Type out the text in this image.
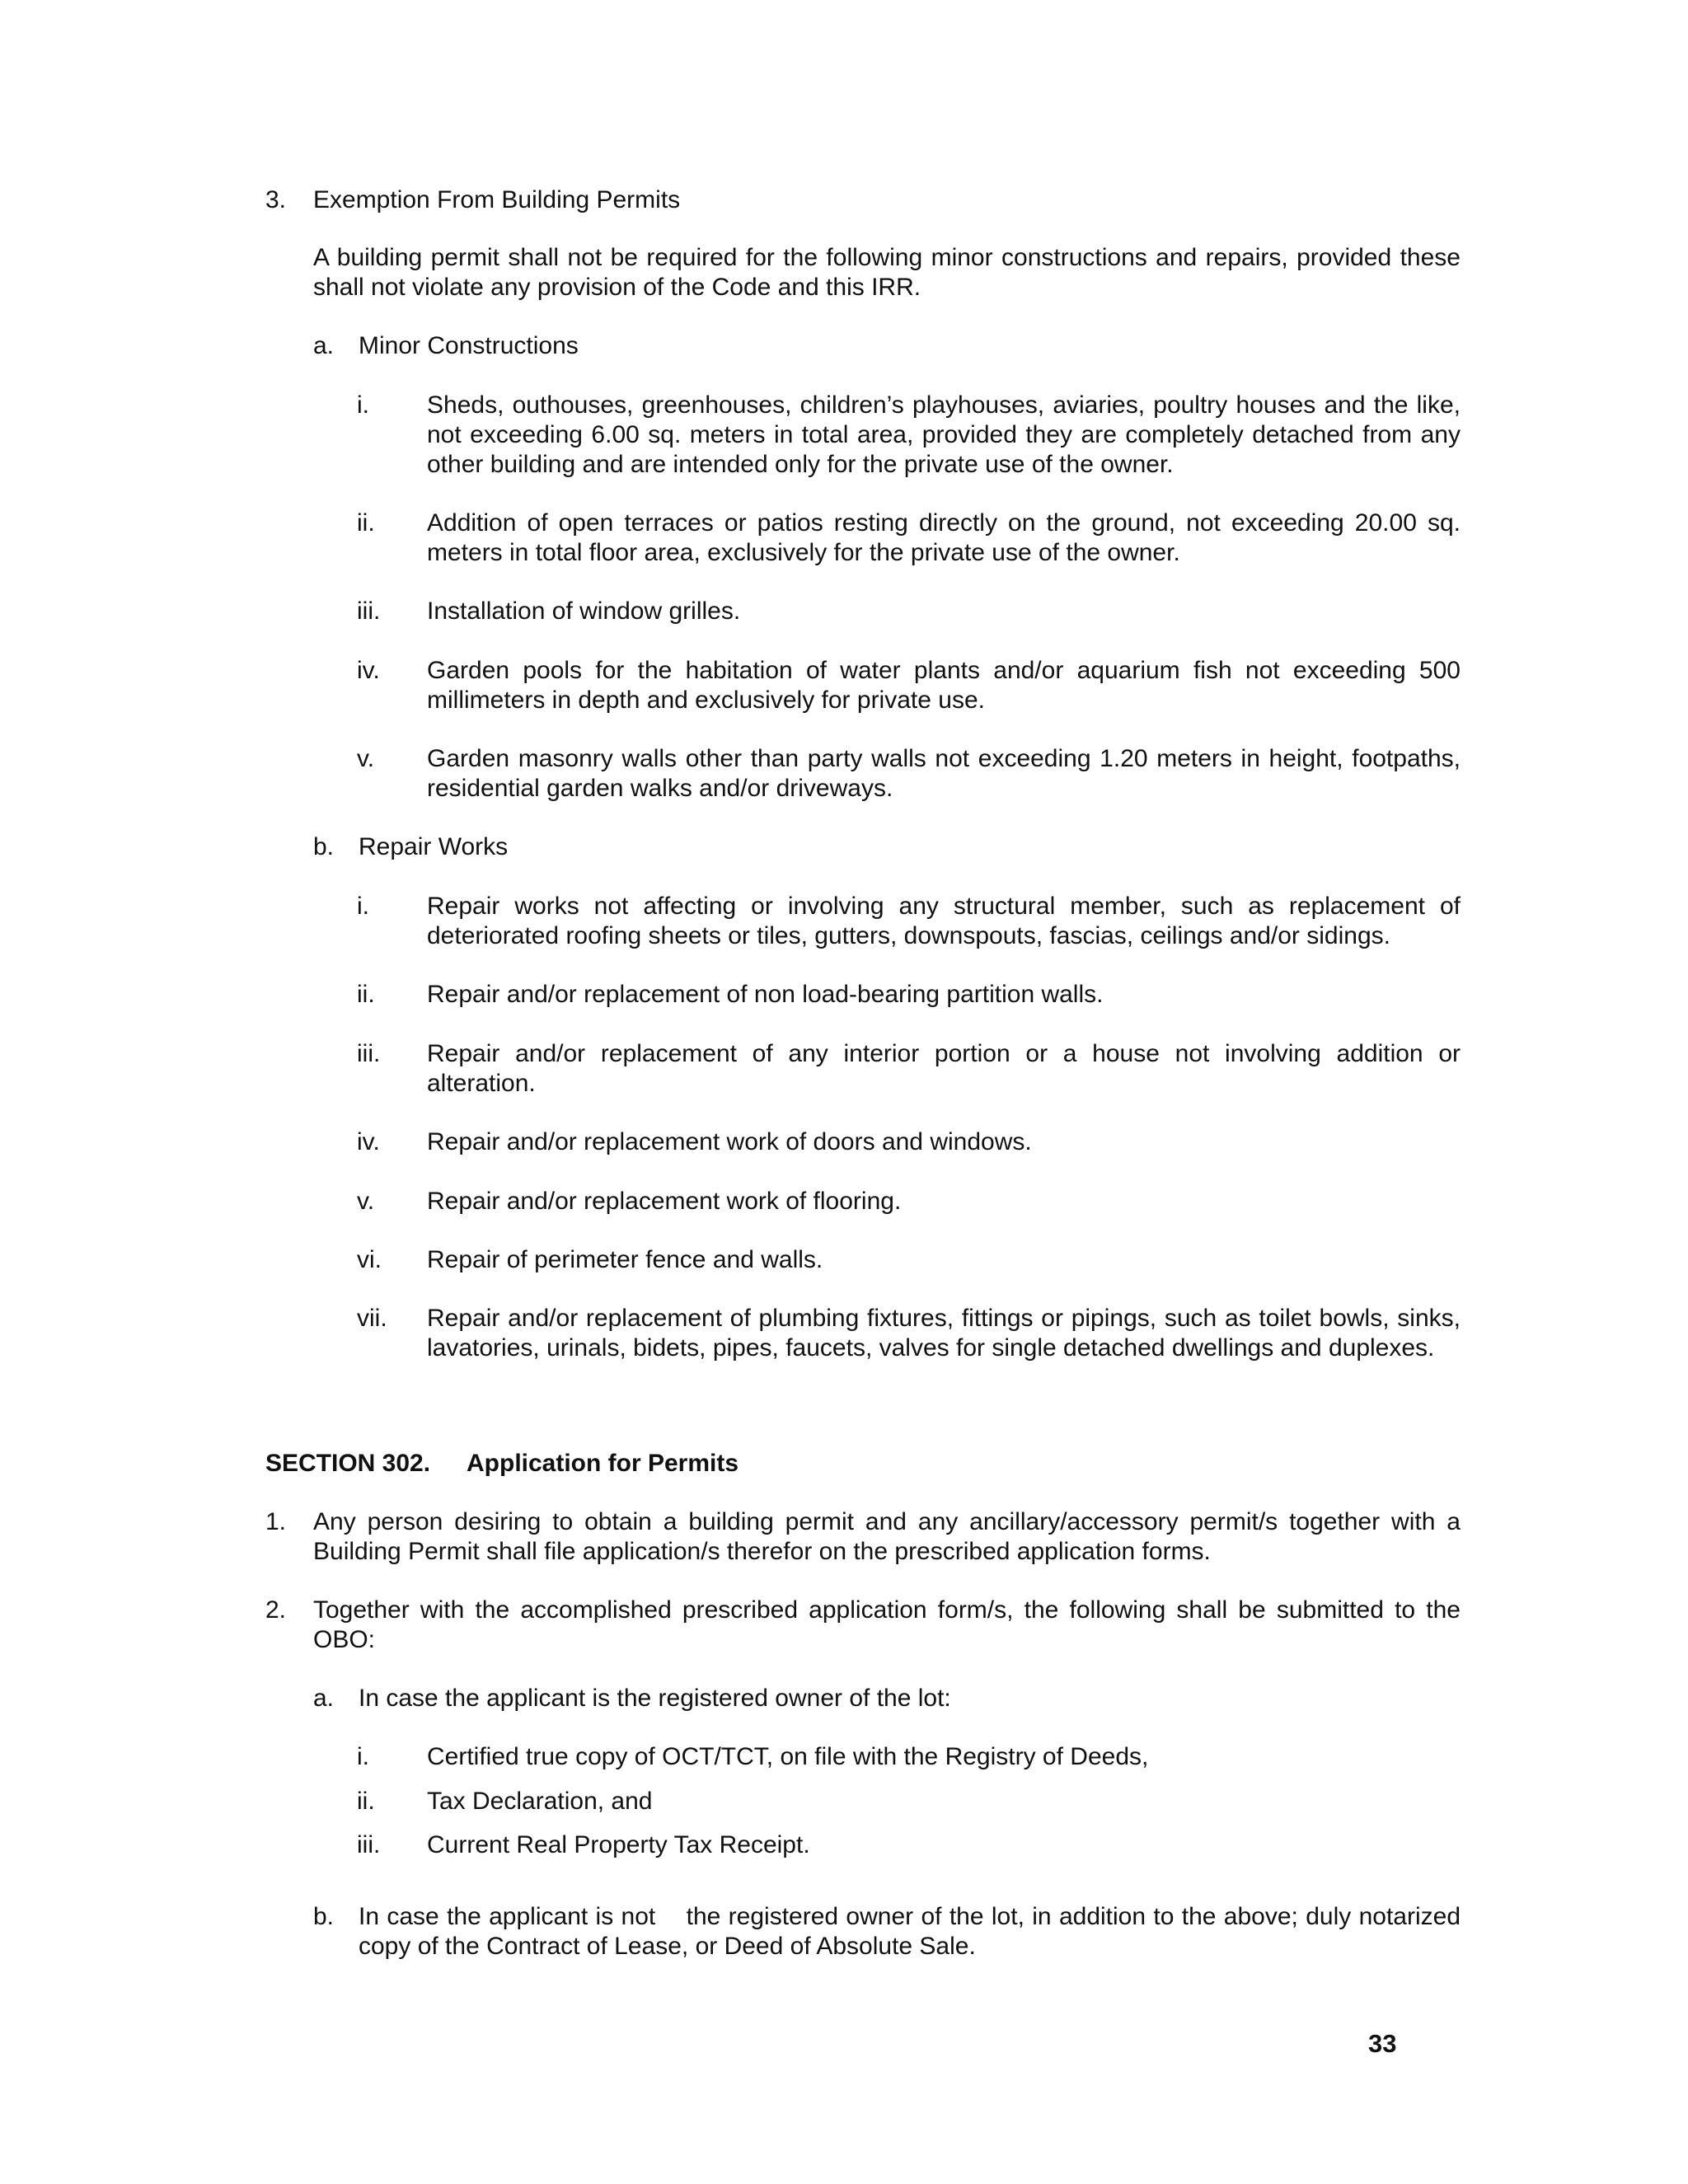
3. Exemption From Building Permits
A building permit shall not be required for the following minor constructions and repairs, provided these shall not violate any provision of the Code and this IRR.
a. Minor Constructions
i. Sheds, outhouses, greenhouses, children’s playhouses, aviaries, poultry houses and the like, not exceeding 6.00 sq. meters in total area, provided they are completely detached from any other building and are intended only for the private use of the owner.
ii. Addition of open terraces or patios resting directly on the ground, not exceeding 20.00 sq. meters in total floor area, exclusively for the private use of the owner.
iii. Installation of window grilles.
iv. Garden pools for the habitation of water plants and/or aquarium fish not exceeding 500 millimeters in depth and exclusively for private use.
v. Garden masonry walls other than party walls not exceeding 1.20 meters in height, footpaths, residential garden walks and/or driveways.
b. Repair Works
i. Repair works not affecting or involving any structural member, such as replacement of deteriorated roofing sheets or tiles, gutters, downspouts, fascias, ceilings and/or sidings.
ii. Repair and/or replacement of non load-bearing partition walls.
iii. Repair and/or replacement of any interior portion or a house not involving addition or alteration.
iv. Repair and/or replacement work of doors and windows.
v. Repair and/or replacement work of flooring.
vi. Repair of perimeter fence and walls.
vii. Repair and/or replacement of plumbing fixtures, fittings or pipings, such as toilet bowls, sinks, lavatories, urinals, bidets, pipes, faucets, valves for single detached dwellings and duplexes.
SECTION 302. Application for Permits
1. Any person desiring to obtain a building permit and any ancillary/accessory permit/s together with a Building Permit shall file application/s therefor on the prescribed application forms.
2. Together with the accomplished prescribed application form/s, the following shall be submitted to the OBO:
a. In case the applicant is the registered owner of the lot:
i. Certified true copy of OCT/TCT, on file with the Registry of Deeds,
ii. Tax Declaration, and
iii. Current Real Property Tax Receipt.
b. In case the applicant is not    the registered owner of the lot, in addition to the above; duly notarized copy of the Contract of Lease, or Deed of Absolute Sale.
33
